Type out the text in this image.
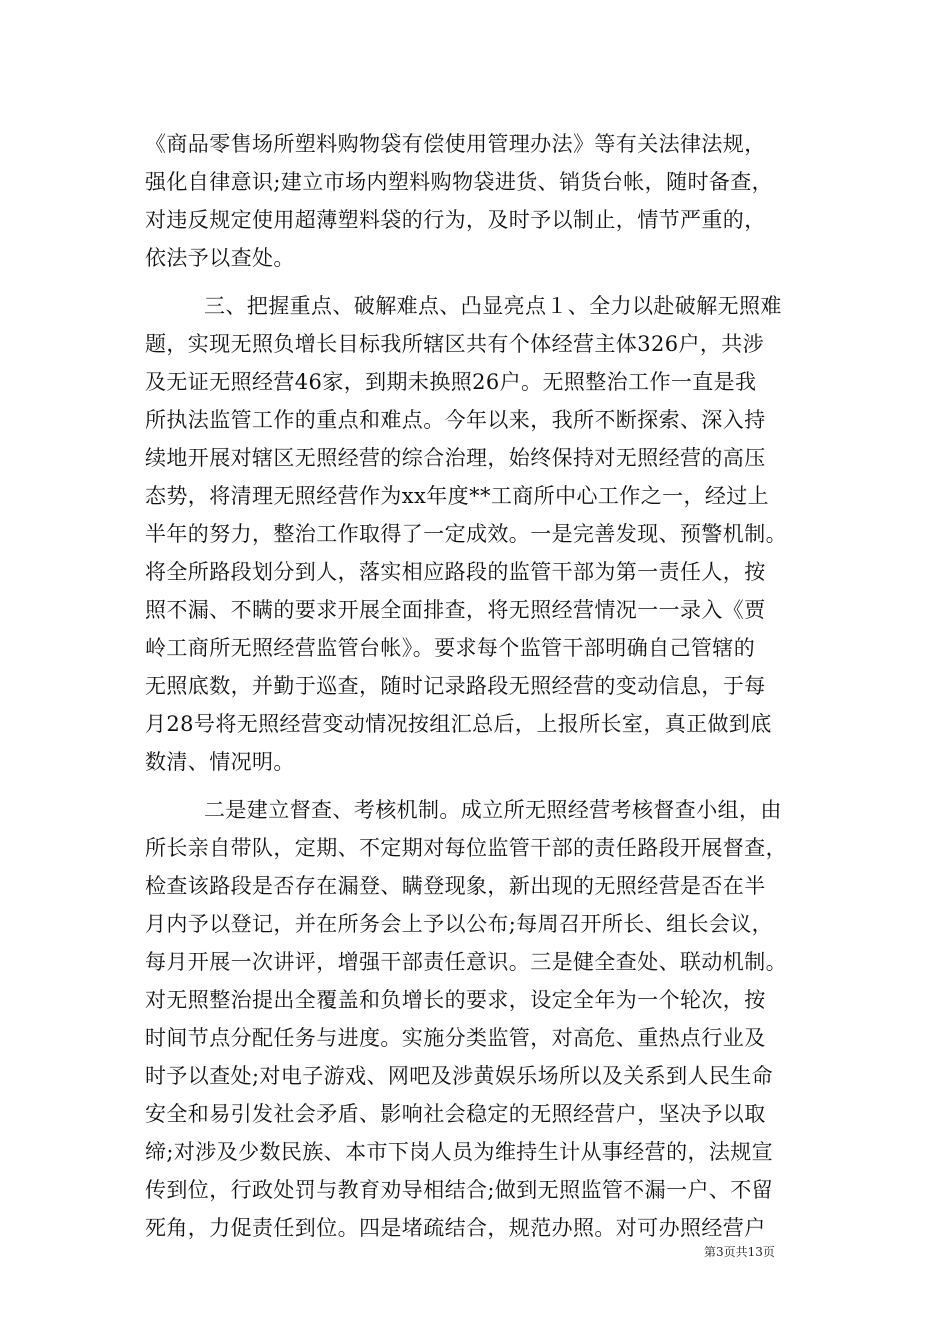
《商品零售场所塑料购物袋有偿使用管理办法》等有关法律法规，
强化自律意识;建立市场内塑料购物袋进货、销货台帐，随时备查，
对违反规定使用超薄塑料袋的行为，及时予以制止，情节严重的，
依法予以查处。
三、把握重点、破解难点、凸显亮点１、全力以赴破解无照难
题，实现无照负增长目标我所辖区共有个体经营主体326户，共涉
及无证无照经营46家，到期未换照26户。无照整治工作一直是我
所执法监管工作的重点和难点。今年以来，我所不断探索、深入持
续地开展对辖区无照经营的综合治理，始终保持对无照经营的高压
态势，将清理无照经营作为xx年度**工商所中心工作之一，经过上
半年的努力，整治工作取得了一定成效。一是完善发现、预警机制。
将全所路段划分到人，落实相应路段的监管干部为第一责任人，按
照不漏、不瞒的要求开展全面排查，将无照经营情况一一录入《贾
岭工商所无照经营监管台帐》。要求每个监管干部明确自己管辖的
无照底数，并勤于巡查，随时记录路段无照经营的变动信息，于每
月28号将无照经营变动情况按组汇总后，上报所长室，真正做到底
数清、情况明。
二是建立督查、考核机制。成立所无照经营考核督查小组，由
所长亲自带队，定期、不定期对每位监管干部的责任路段开展督查，
检查该路段是否存在漏登、瞒登现象，新出现的无照经营是否在半
月内予以登记，并在所务会上予以公布;每周召开所长、组长会议，
每月开展一次讲评，增强干部责任意识。三是健全查处、联动机制。
对无照整治提出全覆盖和负增长的要求，设定全年为一个轮次，按
时间节点分配任务与进度。实施分类监管，对高危、重热点行业及
时予以查处;对电子游戏、网吧及涉黄娱乐场所以及关系到人民生命
安全和易引发社会矛盾、影响社会稳定的无照经营户，坚决予以取
缔;对涉及少数民族、本市下岗人员为维持生计从事经营的，法规宣
传到位，行政处罚与教育劝导相结合;做到无照监管不漏一户、不留
死角，力促责任到位。四是堵疏结合，规范办照。对可办照经营户
第3页共13页
